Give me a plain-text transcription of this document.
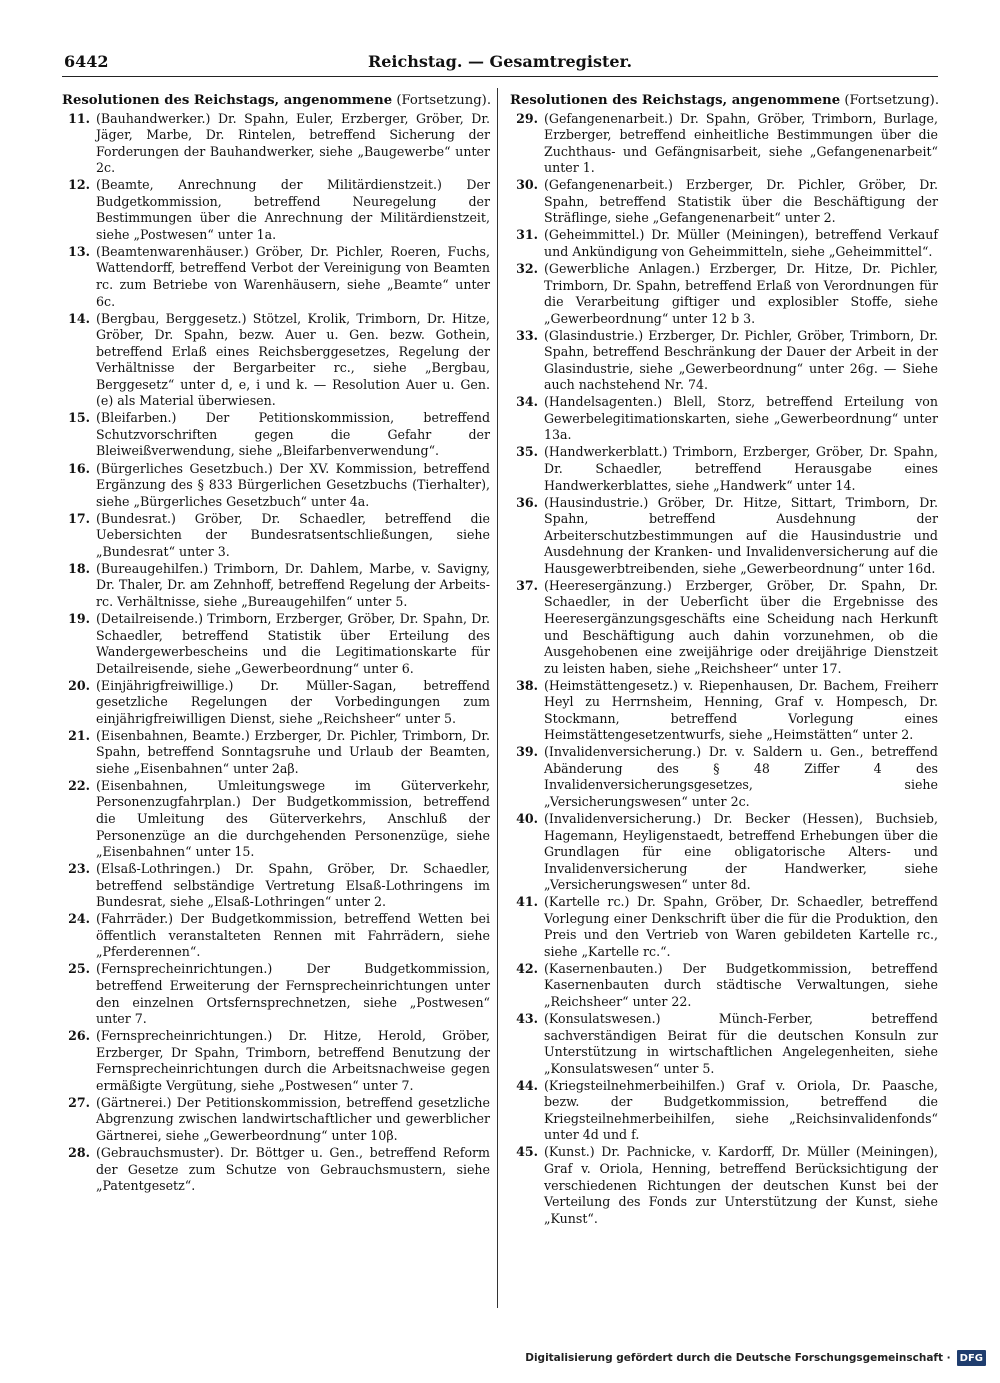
6442	Reichstag. — Gesamtregister.
Resolutionen des Reichstags, angenommene (Fortsetzung).
11. (Bauhandwerker.) Dr. Spahn, Euler, Erzberger, Gröber, Dr. Jäger, Marbe, Dr. Rintelen, betreffend Sicherung der Forderungen der Bauhandwerker, siehe „Baugewerbe“ unter 2c.
12. (Beamte, Anrechnung der Militärdienstzeit.) Der Budgetkommission, betreffend Neuregelung der Bestimmungen über die Anrechnung der Militärdienstzeit, siehe „Postwesen“ unter 1a.
13. (Beamtenwarenhäuser.) Gröber, Dr. Pichler, Roeren, Fuchs, Wattendorff, betreffend Verbot der Vereinigung von Beamten rc. zum Betriebe von Warenhäusern, siehe „Beamte“ unter 6c.
14. (Bergbau, Berggesetz.) Stötzel, Krolik, Trimborn, Dr. Hitze, Gröber, Dr. Spahn, bezw. Auer u. Gen. bezw. Gothein, betreffend Erlaß eines Reichsberggesetzes, Regelung der Verhältnisse der Bergarbeiter rc., siehe „Bergbau, Berggesetz“ unter d, e, i und k. — Resolution Auer u. Gen. (e) als Material überwiesen.
15. (Bleifarben.) Der Petitionskommission, betreffend Schutzvorschriften gegen die Gefahr der Bleiweißverwendung, siehe „Bleifarbenverwendung“.
16. (Bürgerliches Gesetzbuch.) Der XV. Kommission, betreffend Ergänzung des § 833 Bürgerlichen Gesetzbuchs (Tierhalter), siehe „Bürgerliches Gesetzbuch“ unter 4a.
17. (Bundesrat.) Gröber, Dr. Schaedler, betreffend die Uebersichten der Bundesratsentschließungen, siehe „Bundesrat“ unter 3.
18. (Bureaugehilfen.) Trimborn, Dr. Dahlem, Marbe, v. Savigny, Dr. Thaler, Dr. am Zehnhoff, betreffend Regelung der Arbeits- rc. Verhältnisse, siehe „Bureaugehilfen“ unter 5.
19. (Detailreisende.) Trimborn, Erzberger, Gröber, Dr. Spahn, Dr. Schaedler, betreffend Statistik über Erteilung des Wandergewerbescheins und die Legitimationskarte für Detailreisende, siehe „Gewerbeordnung“ unter 6.
20. (Einjährigfreiwillige.) Dr. Müller-Sagan, betreffend gesetzliche Regelungen der Vorbedingungen zum einjährigfreiwilligen Dienst, siehe „Reichsheer“ unter 5.
21. (Eisenbahnen, Beamte.) Erzberger, Dr. Pichler, Trimborn, Dr. Spahn, betreffend Sonntagsruhe und Urlaub der Beamten, siehe „Eisenbahnen“ unter 2aβ.
22. (Eisenbahnen, Umleitungswege im Güterverkehr, Personenzugfahrplan.) Der Budgetkommission, betreffend die Umleitung des Güterverkehrs, Anschluß der Personenzüge an die durchgehenden Personenzüge, siehe „Eisenbahnen“ unter 15.
23. (Elsaß-Lothringen.) Dr. Spahn, Gröber, Dr. Schaedler, betreffend selbständige Vertretung Elsaß-Lothringens im Bundesrat, siehe „Elsaß-Lothringen“ unter 2.
24. (Fahrräder.) Der Budgetkommission, betreffend Wetten bei öffentlich veranstalteten Rennen mit Fahrrädern, siehe „Pferderennen“.
25. (Fernsprecheinrichtungen.) Der Budgetkommission, betreffend Erweiterung der Fernsprecheinrichtungen unter den einzelnen Ortsfernsprechnetzen, siehe „Postwesen“ unter 7.
26. (Fernsprecheinrichtungen.) Dr. Hitze, Herold, Gröber, Erzberger, Dr Spahn, Trimborn, betreffend Benutzung der Fernsprecheinrichtungen durch die Arbeitsnachweise gegen ermäßigte Vergütung, siehe „Postwesen“ unter 7.
27. (Gärtnerei.) Der Petitionskommission, betreffend gesetzliche Abgrenzung zwischen landwirtschaftlicher und gewerblicher Gärtnerei, siehe „Gewerbeordnung“ unter 10β.
28. (Gebrauchsmuster). Dr. Böttger u. Gen., betreffend Reform der Gesetze zum Schutze von Gebrauchsmustern, siehe „Patentgesetz“.
Resolutionen des Reichstags, angenommene (Fortsetzung).
29. (Gefangenenarbeit.) Dr. Spahn, Gröber, Trimborn, Burlage, Erzberger, betreffend einheitliche Bestimmungen über die Zuchthaus- und Gefängnisarbeit, siehe „Gefangenenarbeit“ unter 1.
30. (Gefangenenarbeit.) Erzberger, Dr. Pichler, Gröber, Dr. Spahn, betreffend Statistik über die Beschäftigung der Sträflinge, siehe „Gefangenenarbeit“ unter 2.
31. (Geheimmittel.) Dr. Müller (Meiningen), betreffend Verkauf und Ankündigung von Geheimmitteln, siehe „Geheimmittel“.
32. (Gewerbliche Anlagen.) Erzberger, Dr. Hitze, Dr. Pichler, Trimborn, Dr. Spahn, betreffend Erlaß von Verordnungen für die Verarbeitung giftiger und explosibler Stoffe, siehe „Gewerbeordnung“ unter 12 b 3.
33. (Glasindustrie.) Erzberger, Dr. Pichler, Gröber, Trimborn, Dr. Spahn, betreffend Beschränkung der Dauer der Arbeit in der Glasindustrie, siehe „Gewerbeordnung“ unter 26g. — Siehe auch nachstehend Nr. 74.
34. (Handelsagenten.) Blell, Storz, betreffend Erteilung von Gewerbelegitimationskarten, siehe „Gewerbeordnung“ unter 13a.
35. (Handwerkerblatt.) Trimborn, Erzberger, Gröber, Dr. Spahn, Dr. Schaedler, betreffend Herausgabe eines Handwerkerblattes, siehe „Handwerk“ unter 14.
36. (Hausindustrie.) Gröber, Dr. Hitze, Sittart, Trimborn, Dr. Spahn, betreffend Ausdehnung der Arbeiterschutzbestimmungen auf die Hausindustrie und Ausdehnung der Kranken- und Invalidenversicherung auf die Hausgewerbtreibenden, siehe „Gewerbeordnung“ unter 16d.
37. (Heeresergänzung.) Erzberger, Gröber, Dr. Spahn, Dr. Schaedler, in der Ueberſicht über die Ergebnisse des Heeresergänzungsgeschäfts eine Scheidung nach Herkunft und Beschäftigung auch dahin vorzunehmen, ob die Ausgehobenen eine zweijährige oder dreijährige Dienstzeit zu leisten haben, siehe „Reichsheer“ unter 17.
38. (Heimstättengesetz.) v. Riepenhausen, Dr. Bachem, Freiherr Heyl zu Herrnsheim, Henning, Graf v. Hompesch, Dr. Stockmann, betreffend Vorlegung eines Heimstättengesetzentwurfs, siehe „Heimstätten“ unter 2.
39. (Invalidenversicherung.) Dr. v. Saldern u. Gen., betreffend Abänderung des § 48 Ziffer 4 des Invalidenversicherungsgesetzes, siehe „Versicherungswesen“ unter 2c.
40. (Invalidenversicherung.) Dr. Becker (Hessen), Buchsieb, Hagemann, Heyligenstaedt, betreffend Erhebungen über die Grundlagen für eine obligatorische Alters- und Invalidenversicherung der Handwerker, siehe „Versicherungswesen“ unter 8d.
41. (Kartelle rc.) Dr. Spahn, Gröber, Dr. Schaedler, betreffend Vorlegung einer Denkschrift über die für die Produktion, den Preis und den Vertrieb von Waren gebildeten Kartelle rc., siehe „Kartelle rc.“.
42. (Kasernenbauten.) Der Budgetkommission, betreffend Kasernenbauten durch städtische Verwaltungen, siehe „Reichsheer“ unter 22.
43. (Konsulatswesen.) Münch-Ferber, betreffend sachverständigen Beirat für die deutschen Konsuln zur Unterstützung in wirtschaftlichen Angelegenheiten, siehe „Konsulatswesen“ unter 5.
44. (Kriegsteilnehmerbeihilfen.) Graf v. Oriola, Dr. Paasche, bezw. der Budgetkommission, betreffend die Kriegsteilnehmerbeihilfen, siehe „Reichsinvalidenfonds“ unter 4d und f.
45. (Kunst.) Dr. Pachnicke, v. Kardorff, Dr. Müller (Meiningen), Graf v. Oriola, Henning, betreffend Berücksichtigung der verschiedenen Richtungen der deutschen Kunst bei der Verteilung des Fonds zur Unterstützung der Kunst, siehe „Kunst“.
Digitalisierung gefördert durch die Deutsche Forschungsgemeinschaft · DFG
